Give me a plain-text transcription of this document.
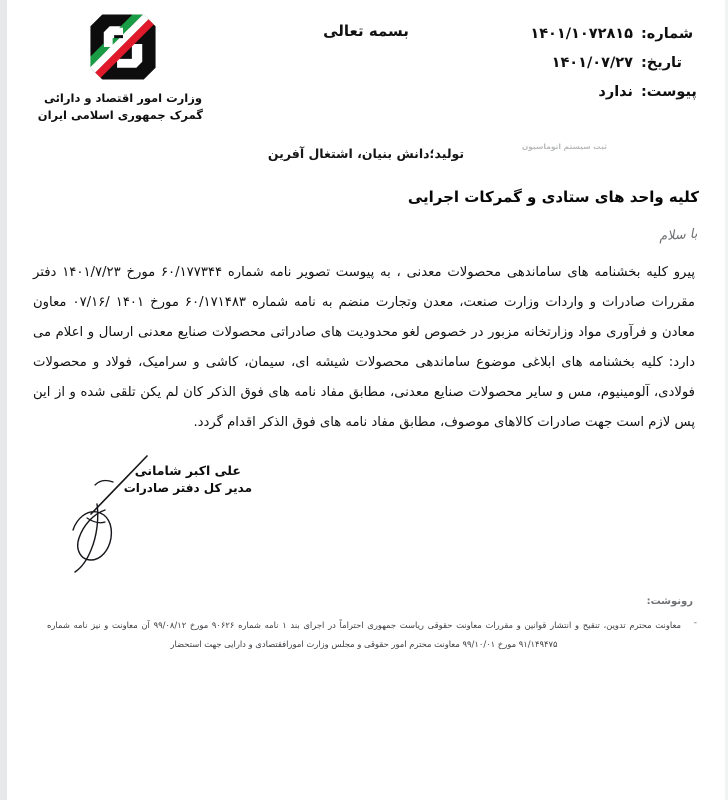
بسمه تعالی	شماره:
۱۴۰۱/۱۰۷۲۸۱۵
تاریخ:
۱۴۰۱/۰۷/۲۷
پیوست:
ندارد
ثبت سیستم اتوماسیون
وزارت امور اقتصاد و دارائی
گمرک جمهوری اسلامی ایران
تولید؛دانش بنیان، اشتغال آفرین
کلیه واحد های ستادی و گمرکات اجرایی
با سلام

پیرو کلیه بخشنامه های ساماندهی محصولات معدنی ، به پیوست تصویر نامه شماره ۶۰/۱۷۷۳۴۴ مورخ ۱۴۰۱/۷/۲۳ دفتر مقررات صادرات و واردات وزارت صنعت، معدن وتجارت منضم به نامه شماره ۶۰/۱۷۱۴۸۳ مورخ ۱۴۰۱ /۰۷/۱۶ معاون معادن و فرآوری مواد وزارتخانه مزبور در خصوص لغو محدودیت های صادراتی محصولات صنایع معدنی ارسال و اعلام می دارد: کلیه بخشنامه های ابلاغی موضوع ساماندهی محصولات شیشه ای، سیمان، کاشی و سرامیک، فولاد و محصولات فولادی، آلومینیوم، مس و سایر محصولات صنایع معدنی، مطابق مفاد نامه های فوق الذکر کان لم یکن تلقی شده و از این پس لازم است جهت صادرات کالاهای موصوف، مطابق مفاد نامه های فوق الذکر اقدام گردد.

علی اکبر شامانی
مدیر کل دفتر صادرات
رونوشت:
-
معاونت محترم تدوین، تنقیح و انتشار قوانین و مقررات معاونت حقوقی ریاست جمهوری احتراماً در اجرای بند ۱ نامه شماره ۹۰۶۲۶ مورخ ۹۹/۰۸/۱۲ آن معاونت و نیز نامه شماره ۹۱/۱۴۹۴۷۵ مورخ ۹۹/۱۰/۰۱ معاونت محترم امور حقوقی و مجلس وزارت امورافقتصادی و دارایی جهت استحضار
